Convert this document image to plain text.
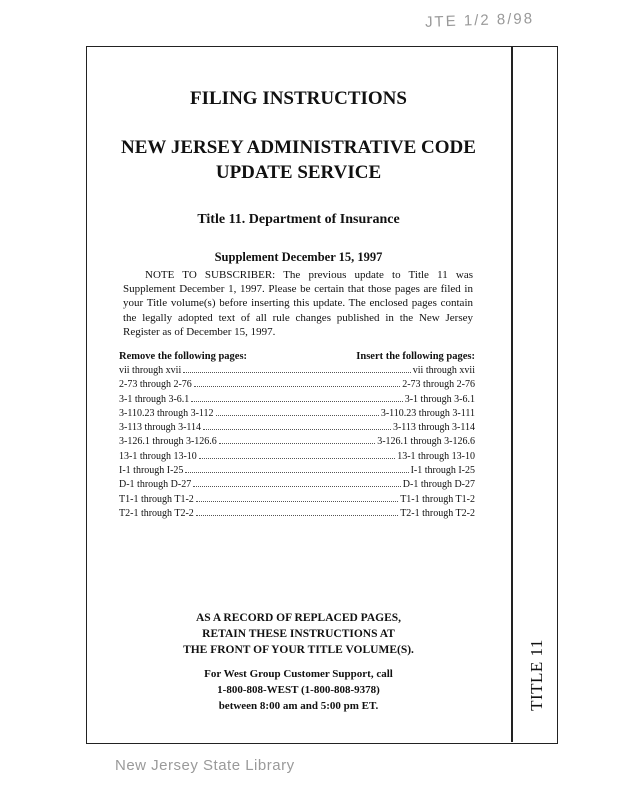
JTE 1/2 8/98
TITLE 11
FILING INSTRUCTIONS
NEW JERSEY ADMINISTRATIVE CODE
UPDATE SERVICE
Title 11. Department of Insurance
Supplement December 15, 1997

NOTE TO SUBSCRIBER: The previous update to Title 11 was Supplement December 1, 1997. Please be certain that those pages are filed in your Title volume(s) before inserting this update. The enclosed pages contain the legally adopted text of all rule changes published in the New Jersey Register as of December 15, 1997.

Remove the following pages:	Insert the following pages:
vii through xvii	vii through xvii
2-73 through 2-76	2-73 through 2-76
3-1 through 3-6.1	3-1 through 3-6.1
3-110.23 through 3-112	3-110.23 through 3-111
3-113 through 3-114	3-113 through 3-114
3-126.1 through 3-126.6	3-126.1 through 3-126.6
13-1 through 13-10	13-1 through 13-10
I-1 through I-25	I-1 through I-25
D-1 through D-27	D-1 through D-27
T1-1 through T1-2	T1-1 through T1-2
T2-1 through T2-2	T2-1 through T2-2
AS A RECORD OF REPLACED PAGES,
RETAIN THESE INSTRUCTIONS AT
THE FRONT OF YOUR TITLE VOLUME(S).
For West Group Customer Support, call
1-800-808-WEST (1-800-808-9378)
between 8:00 am and 5:00 pm ET.
New Jersey State Library
